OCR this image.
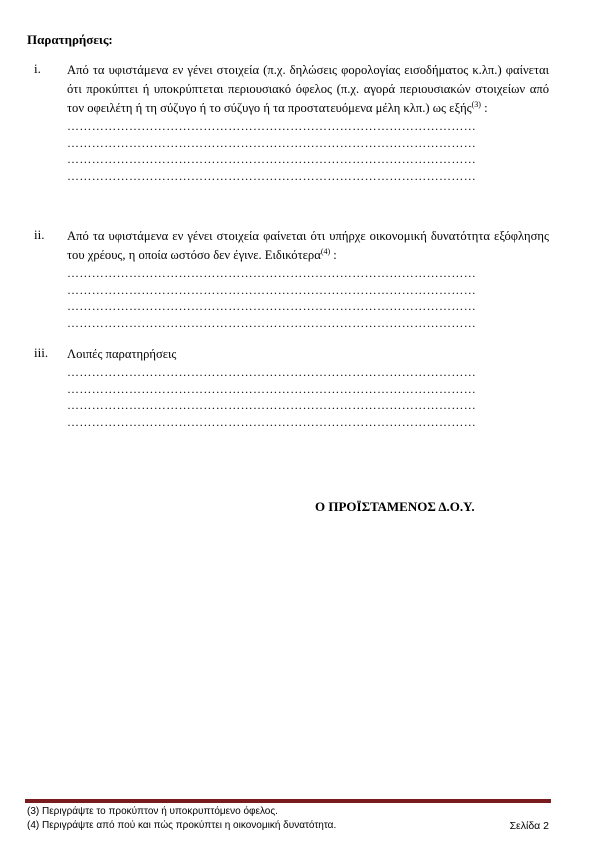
Παρατηρήσεις:

i. Από τα υφιστάμενα εν γένει στοιχεία (π.χ. δηλώσεις φορολογίας εισοδήματος κ.λπ.) φαίνεται ότι προκύπτει ή υποκρύπτεται περιουσιακό όφελος (π.χ. αγορά περιουσιακών στοιχείων από τον οφειλέτη ή τη σύζυγο ή το σύζυγο ή τα προστατευόμενα μέλη κλπ.) ως εξής$^{(3)}$ :

………………………………………………………………………………………
………………………………………………………………………………………
………………………………………………………………………………………
………………………………………………………………………………………
ii. Από τα υφιστάμενα εν γένει στοιχεία φαίνεται ότι υπήρχε οικονομική δυνατότητα εξόφλησης του χρέους, η οποία ωστόσο δεν έγινε. Ειδικότερα$^{(4)}$ :

………………………………………………………………………………………
………………………………………………………………………………………
………………………………………………………………………………………
………………………………………………………………………………………
iii. Λοιπές παρατηρήσεις

………………………………………………………………………………………
………………………………………………………………………………………
………………………………………………………………………………………
………………………………………………………………………………………

Ο ΠΡΟΪΣΤΑΜΕΝΟΣ Δ.Ο.Υ.

(3) Περιγράψτε το προκύπτον ή υποκρυπτόμενο όφελος.
(4) Περιγράψτε από πού και πώς προκύπτει η οικονομική δυνατότητα.	Σελίδα 2
